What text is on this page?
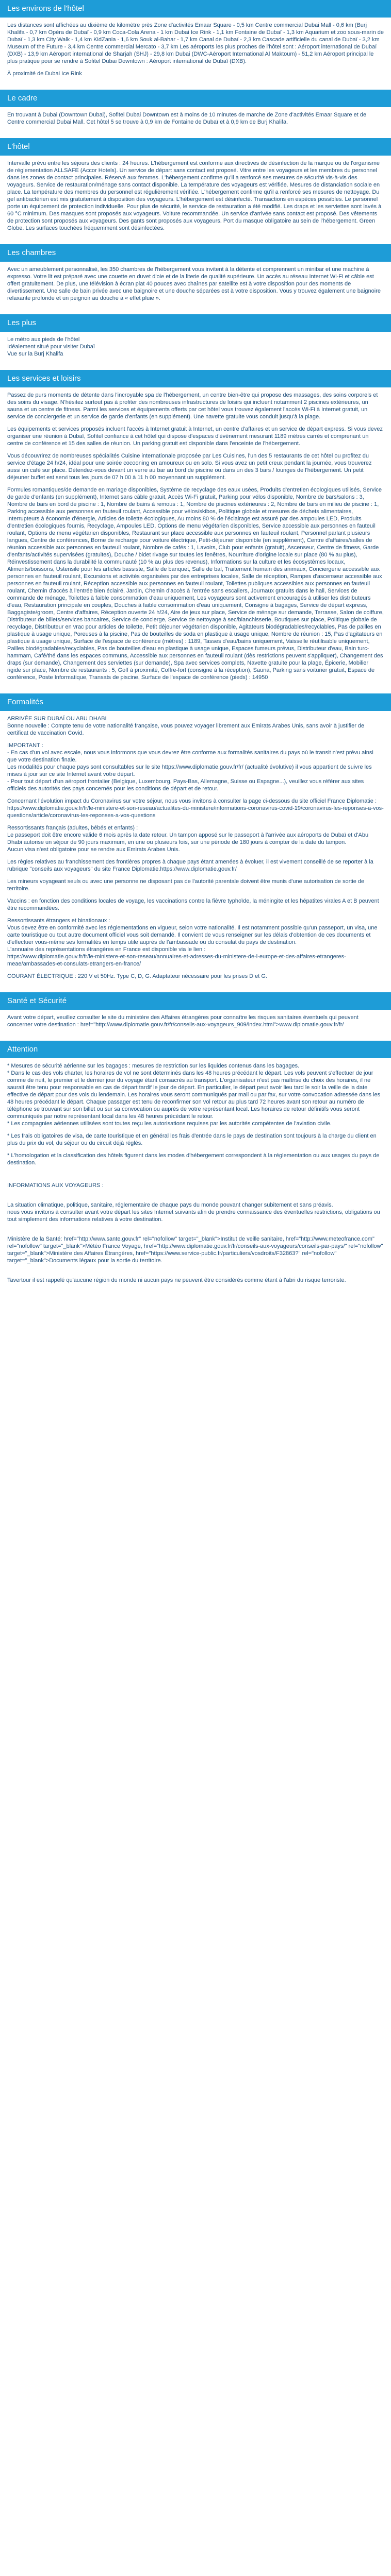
Les environs de l'hôtel

Les distances sont affichées au dixième de kilomètre près Zone d'activités Emaar Square - 0,5 km Centre commercial Dubai Mall - 0,6 km (Burj Khalifa - 0,7 km Opéra de Dubaï - 0,9 km Coca-Cola Arena - 1 km Dubai Ice Rink - 1,1 km Fontaine de Dubaï - 1,3 km Aquarium et zoo sous-marin de Dubaï - 1,3 km City Walk - 1,4 km KidZania - 1,6 km Souk al-Bahar - 1,7 km Canal de Dubaï - 2,3 km Cascade artificielle du canal de Dubaï - 3,2 km Museum of the Future - 3,4 km Centre commercial Mercato - 3,7 km Les aéroports les plus proches de l'hôtel sont : Aéroport international de Dubaï (DXB) - 13,9 km Aéroport international de Sharjah (SHJ) - 29,8 km Dubai (DWC-Aéroport International Al Maktoum) - 51,2 km Aéroport principal le plus pratique pour se rendre à Sofitel Dubai Downtown : Aéroport international de Dubaï (DXB).

À proximité de Dubai Ice Rink

Le cadre

En trouvant à Dubai (Downtown Dubai), Sofitel Dubai Downtown est à moins de 10 minutes de marche de Zone d'activités Emaar Square et de Centre commercial Dubai Mall. Cet hôtel 5 se trouve à 0,9 km de Fontaine de Dubaï et à 0,9 km de Burj Khalifa.

L'hôtel

Intervalle prévu entre les séjours des clients : 24 heures. L'hébergement est conforme aux directives de désinfection de la marque ou de l'organisme de réglementation ALLSAFE (Accor Hotels). Un service de départ sans contact est proposé. Vitre entre les voyageurs et les membres du personnel dans les zones de contact principales. Réservé aux femmes. L'hébergement confirme qu'il a renforcé ses mesures de sécurité vis-à-vis des voyageurs. Service de restauration/ménage sans contact disponible. La température des voyageurs est vérifiée. Mesures de distanciation sociale en place. La température des membres du personnel est régulièrement vérifiée. L'hébergement confirme qu'il a renforcé ses mesures de nettoyage. Du gel antibactérien est mis gratuitement à disposition des voyageurs. L'hébergement est désinfecté. Transactions en espèces possibles. Le personnel porte un équipement de protection individuelle. Pour plus de sécurité, le service de restauration a été modifié. Les draps et les serviettes sont lavés à 60 °C minimum. Des masques sont proposés aux voyageurs. Voiture recommandée. Un service d'arrivée sans contact est proposé. Des vêtements de protection sont proposés aux voyageurs. Des gants sont proposés aux voyageurs. Port du masque obligatoire au sein de l'hébergement. Green Globe. Les surfaces touchées fréquemment sont désinfectées.

Les chambres

Avec un ameublement personnalisé, les 350 chambres de l'hébergement vous invitent à la détente et comprennent un minibar et une machine à expresso. Votre lit est préparé avec une couette en duvet d'oie et de la literie de qualité supérieure. Un accès au réseau Internet Wi-Fi et câble est offert gratuitement. De plus, une télévision à écran plat 40 pouces avec chaînes par satellite est à votre disposition pour des moments de divertissement. Une salle de bain privée avec une baignoire et une douche séparées est à votre disposition. Vous y trouvez également une baignoire relaxante profonde et un peignoir au douche à « effet pluie ».

Les plus

Le métro aux pieds de l'hôtel
Idéalement situé pour visiter Dubaï
Vue sur la Burj Khalifa

Les services et loisirs

Passez de purs moments de détente dans l'incroyable spa de l'hébergement, un centre bien-être qui propose des massages, des soins corporels et des soins du visage. N'hésitez surtout pas à profiter des nombreuses infrastructures de loisirs qui incluent notamment 2 piscines extérieures, un sauna et un centre de fitness. Parmi les services et équipements offerts par cet hôtel vous trouvez également l'accès Wi-Fi à Internet gratuit, un service de conciergerie et un service de garde d'enfants (en supplément). Une navette gratuite vous conduit jusqu'à la plage.

Les équipements et services proposés incluent l'accès à Internet gratuit à Internet, un centre d'affaires et un service de départ express. Si vous devez organiser une réunion à Dubaï, Sofitel confiance à cet hôtel qui dispose d'espaces d'événement mesurant 1189 mètres carrés et comprenant un centre de conférence et 15 des salles de réunion. Un parking gratuit est disponible dans l'enceinte de l'hébergement.

Vous découvrirez de nombreuses spécialités Cuisine internationale proposée par Les Cuisines, l'un des 5 restaurants de cet hôtel ou profitez du service d'étage 24 h/24, idéal pour une soirée cocooning en amoureux ou en solo. Si vous avez un petit creux pendant la journée, vous trouverez aussi un café sur place. Détendez-vous devant un verre au bar au bord de piscine ou dans un des 3 bars / lounges de l'hébergement. Un petit déjeuner buffet est servi tous les jours de 07 h 00 à 11 h 00 moyennant un supplément.

Formules romantiques/de demande en mariage disponibles, Système de recyclage des eaux usées, Produits d'entretien écologiques utilisés, Service de garde d'enfants (en supplément), Internet sans câble gratuit, Accès Wi-Fi gratuit, Parking pour vélos disponible, Nombre de bars/salons : 3, Nombre de bars en bord de piscine : 1, Nombre de bains à remous : 1, Nombre de piscines extérieures : 2, Nombre de bars en milieu de piscine : 1, Parking accessible aux personnes en fauteuil roulant, Accessible pour vélos/skibos, Politique globale et mesures de déchets alimentaires, Interrupteurs à économie d'énergie, Articles de toilette écologiques, Au moins 80 % de l'éclairage est assuré par des ampoules LED, Produits d'entretien écologiques fournis, Recyclage, Ampoules LED, Options de menu végétarien disponibles, Service accessible aux personnes en fauteuil roulant, Options de menu végétarien disponibles, Restaurant sur place accessible aux personnes en fauteuil roulant, Personnel parlant plusieurs langues, Centre de conférences, Borne de recharge pour voiture électrique, Petit-déjeuner disponible (en supplément), Centre d'affaires/salles de réunion accessible aux personnes en fauteuil roulant, Nombre de cafés : 1, Lavoirs, Club pour enfants (gratuit), Ascenseur, Centre de fitness, Garde d'enfants/activités supervisées (gratuites), Douche / bidet rivage sur toutes les fenêtres, Nourriture d'origine locale sur place (80 % au plus), Réinvestissement dans la durabilité la communauté (10 % au plus des revenus), Informations sur la culture et les écosystèmes locaux, Aliments/boissons, Ustensile pour les articles bassiste, Salle de banquet, Salle de bal, Traitement humain des animaux, Conciergerie accessible aux personnes en fauteuil roulant, Excursions et activités organisées par des entreprises locales, Salle de réception, Rampes d'ascenseur accessible aux personnes en fauteuil roulant, Réception accessible aux personnes en fauteuil roulant, Toilettes publiques accessibles aux personnes en fauteuil roulant, Chemin d'accès à l'entrée bien éclairé, Jardin, Chemin d'accès à l'entrée sans escaliers, Journaux gratuits dans le hall, Services de commande de ménage, Toilettes à faible consommation d'eau uniquement, Les voyageurs sont activement encouragés à utiliser les distributeurs d'eau, Restauration principale en couples, Douches à faible consommation d'eau uniquement, Consigne à bagages, Service de départ express, Baggagiste/groom, Centre d'affaires, Réception ouverte 24 h/24, Aire de jeux sur place, Service de ménage sur demande, Terrasse, Salon de coiffure, Distributeur de billets/services bancaires, Service de concierge, Service de nettoyage à sec/blanchisserie, Boutiques sur place, Politique globale de recyclage, Distributeur en vrac pour articles de toilette, Petit déjeuner végétarien disponible, Agitateurs biodégradables/recyclables, Pas de pailles en plastique à usage unique, Poreuses à la piscine, Pas de bouteilles de soda en plastique à usage unique, Nombre de réunion : 15, Pas d'agitateurs en plastique à usage unique, Surface de l'espace de conférence (mètres) : 1189, Tasses d'eau/bains uniquement, Vaisselle réutilisable uniquement, Pailles biodégradables/recyclables, Pas de bouteilles d'eau en plastique à usage unique, Espaces fumeurs prévus, Distributeur d'eau, Bain turc-hammam, Café/thé dans les espaces communs, Accessible aux personnes en fauteuil roulant (dès restrictions peuvent s'appliquer), Changement des draps (sur demande), Changement des serviettes (sur demande), Spa avec services complets, Navette gratuite pour la plage, Épicerie, Mobilier rigide sur place, Nombre de restaurants : 5, Golf à proximité, Coffre-fort (consigne à la réception), Sauna, Parking sans voiturier gratuit, Espace de conférence, Poste Informatique, Transats de piscine, Surface de l'espace de conférence (pieds) : 14950

Formalités

ARRIVÉE SUR DUBAÏ OU ABU DHABI
Bonne nouvelle : Compte tenu de votre nationalité française, vous pouvez voyager librement aux Emirats Arabes Unis, sans avoir à justifier de certificat de vaccination Covid.

IMPORTANT :
- En cas d'un vol avec escale, nous vous informons que vous devrez être conforme aux formalités sanitaires du pays où le transit n'est prévu ainsi que votre destination finale.
Les modalités pour chaque pays sont consultables sur le site https://www.diplomatie.gouv.fr/fr/ (actualité évolutive) il vous appartient de suivre les mises à jour sur ce site Internet avant votre départ.
- Pour tout départ d'un aéroport frontalier (Belgique, Luxembourg, Pays-Bas, Allemagne, Suisse ou Espagne...), veuillez vous référer aux sites officiels des autorités des pays concernés pour les conditions de départ et de retour.

Concernant l'évolution impact du Coronavirus sur votre séjour, nous vous invitons à consulter la page ci-dessous du site officiel France Diplomatie :
https://www.diplomatie.gouv.fr/fr/le-ministere-et-son-reseau/actualites-du-ministere/informations-coronavirus-covid-19/coronavirus-les-reponses-a-vos-questions/article/coronavirus-les-reponses-a-vos-questions

Ressortissants français (adultes, bébés et enfants) :
Le passeport doit être encore valide 6 mois après la date retour. Un tampon apposé sur le passeport à l'arrivée aux aéroports de Dubaï et d'Abu Dhabi autorise un séjour de 90 jours maximum, en une ou plusieurs fois, sur une période de 180 jours à compter de la date du tampon.
Aucun visa n'est obligatoire pour se rendre aux Emirats Arabes Unis.

Les règles relatives au franchissement des frontières propres à chaque pays étant amenées à évoluer, il est vivement conseillé de se reporter à la rubrique "conseils aux voyageurs" du site France Diplomatie.https://www.diplomatie.gouv.fr/

Les mineurs voyageant seuls ou avec une personne ne disposant pas de l'autorité parentale doivent être munis d'une autorisation de sortie de territoire.

Vaccins : en fonction des conditions locales de voyage, les vaccinations contre la fièvre typhoïde, la méningite et les hépatites virales A et B peuvent être recommandées.

Ressortissants étrangers et binationaux :
Vous devez être en conformité avec les réglementations en vigueur, selon votre nationalité. Il est notamment possible qu'un passeport, un visa, une carte touristique ou tout autre document officiel vous soit demandé. Il convient de vous renseigner sur les délais d'obtention de ces documents et d'effectuer vous-même ses formalités en temps utile auprès de l'ambassade ou du consulat du pays de destination.
L'annuaire des représentations étrangères en France est disponible via le lien :
https://www.diplomatie.gouv.fr/fr/le-ministere-et-son-reseau/annuaires-et-adresses-du-ministere-de-l-europe-et-des-affaires-etrangeres-meae/ambassades-et-consulats-etrangers-en-france/

COURANT ÉLECTRIQUE : 220 V et 50Hz. Type C, D, G. Adaptateur nécessaire pour les prises D et G.

Santé et Sécurité

Avant votre départ, veuillez consulter le site du ministère des Affaires étrangères pour connaître les risques sanitaires éventuels qui peuvent concerner votre destination : href="http://www.diplomatie.gouv.fr/fr/conseils-aux-voyageurs_909/index.html">www.diplomatie.gouv.fr/fr/

Attention

* Mesures de sécurité aérienne sur les bagages : mesures de restriction sur les liquides contenus dans les bagages.
* Dans le cas des vols charter, les horaires de vol ne sont déterminés dans les 48 heures précédant le départ. Les vols peuvent s'effectuer de jour comme de nuit, le premier et le dernier jour du voyage étant consacrés au transport. L'organisateur n'est pas maîtrise du choix des horaires, il ne saurait être tenu pour responsable en cas de départ tardif le jour de départ. En particulier, le départ peut avoir lieu tard le soir la veille de la date effective de départ pour des vols du lendemain. Les horaires vous seront communiqués par mail ou par fax, sur votre convocation adressée dans les 48 heures précédant le départ. Chaque passager est tenu de reconfirmer son vol retour au plus tard 72 heures avant son retour au numéro de téléphone se trouvant sur son billet ou sur sa convocation ou auprès de votre représentant local. Les horaires de retour définitifs vous seront communiqués par notre représentant local dans les 48 heures précédant le retour.
* Les compagnies aériennes utilisées sont toutes reçu les autorisations requises par les autorités compétentes de l'aviation civile.

* Les frais obligatoires de visa, de carte touristique et en général les frais d'entrée dans le pays de destination sont toujours à la charge du client en plus du prix du vol, du séjour ou du circuit déjà réglés.

* L'homologation et la classification des hôtels figurent dans les modes d'hébergement correspondent à la réglementation ou aux usages du pays de destination.

INFORMATIONS AUX VOYAGEURS :

La situation climatique, politique, sanitaire, réglementaire de chaque pays du monde pouvant changer subitement et sans préavis.
nous vous invitons à consulter avant votre départ les sites Internet suivants afin de prendre connaissance des éventuelles restrictions, obligations ou tout simplement des informations relatives à votre destination.

Ministère de la Santé: href="http://www.sante.gouv.fr" rel="nofollow" target="_blank">Institut de veille sanitaire, href="http://www.meteofrance.com" rel="nofollow" target="_blank">Météo France Voyage, href="http://www.diplomatie.gouv.fr/fr/conseils-aux-voyageurs/conseils-par-pays/" rel="nofollow" target="_blank">Ministère des Affaires Étrangères, href="https://www.service-public.fr/particuliers/vosdroits/F32863?" rel="nofollow" target="_blank">Documents légaux pour la sortie du territoire.

Tavertour il est rappelé qu'aucune région du monde ni aucun pays ne peuvent être considérés comme étant à l'abri du risque terroriste.
